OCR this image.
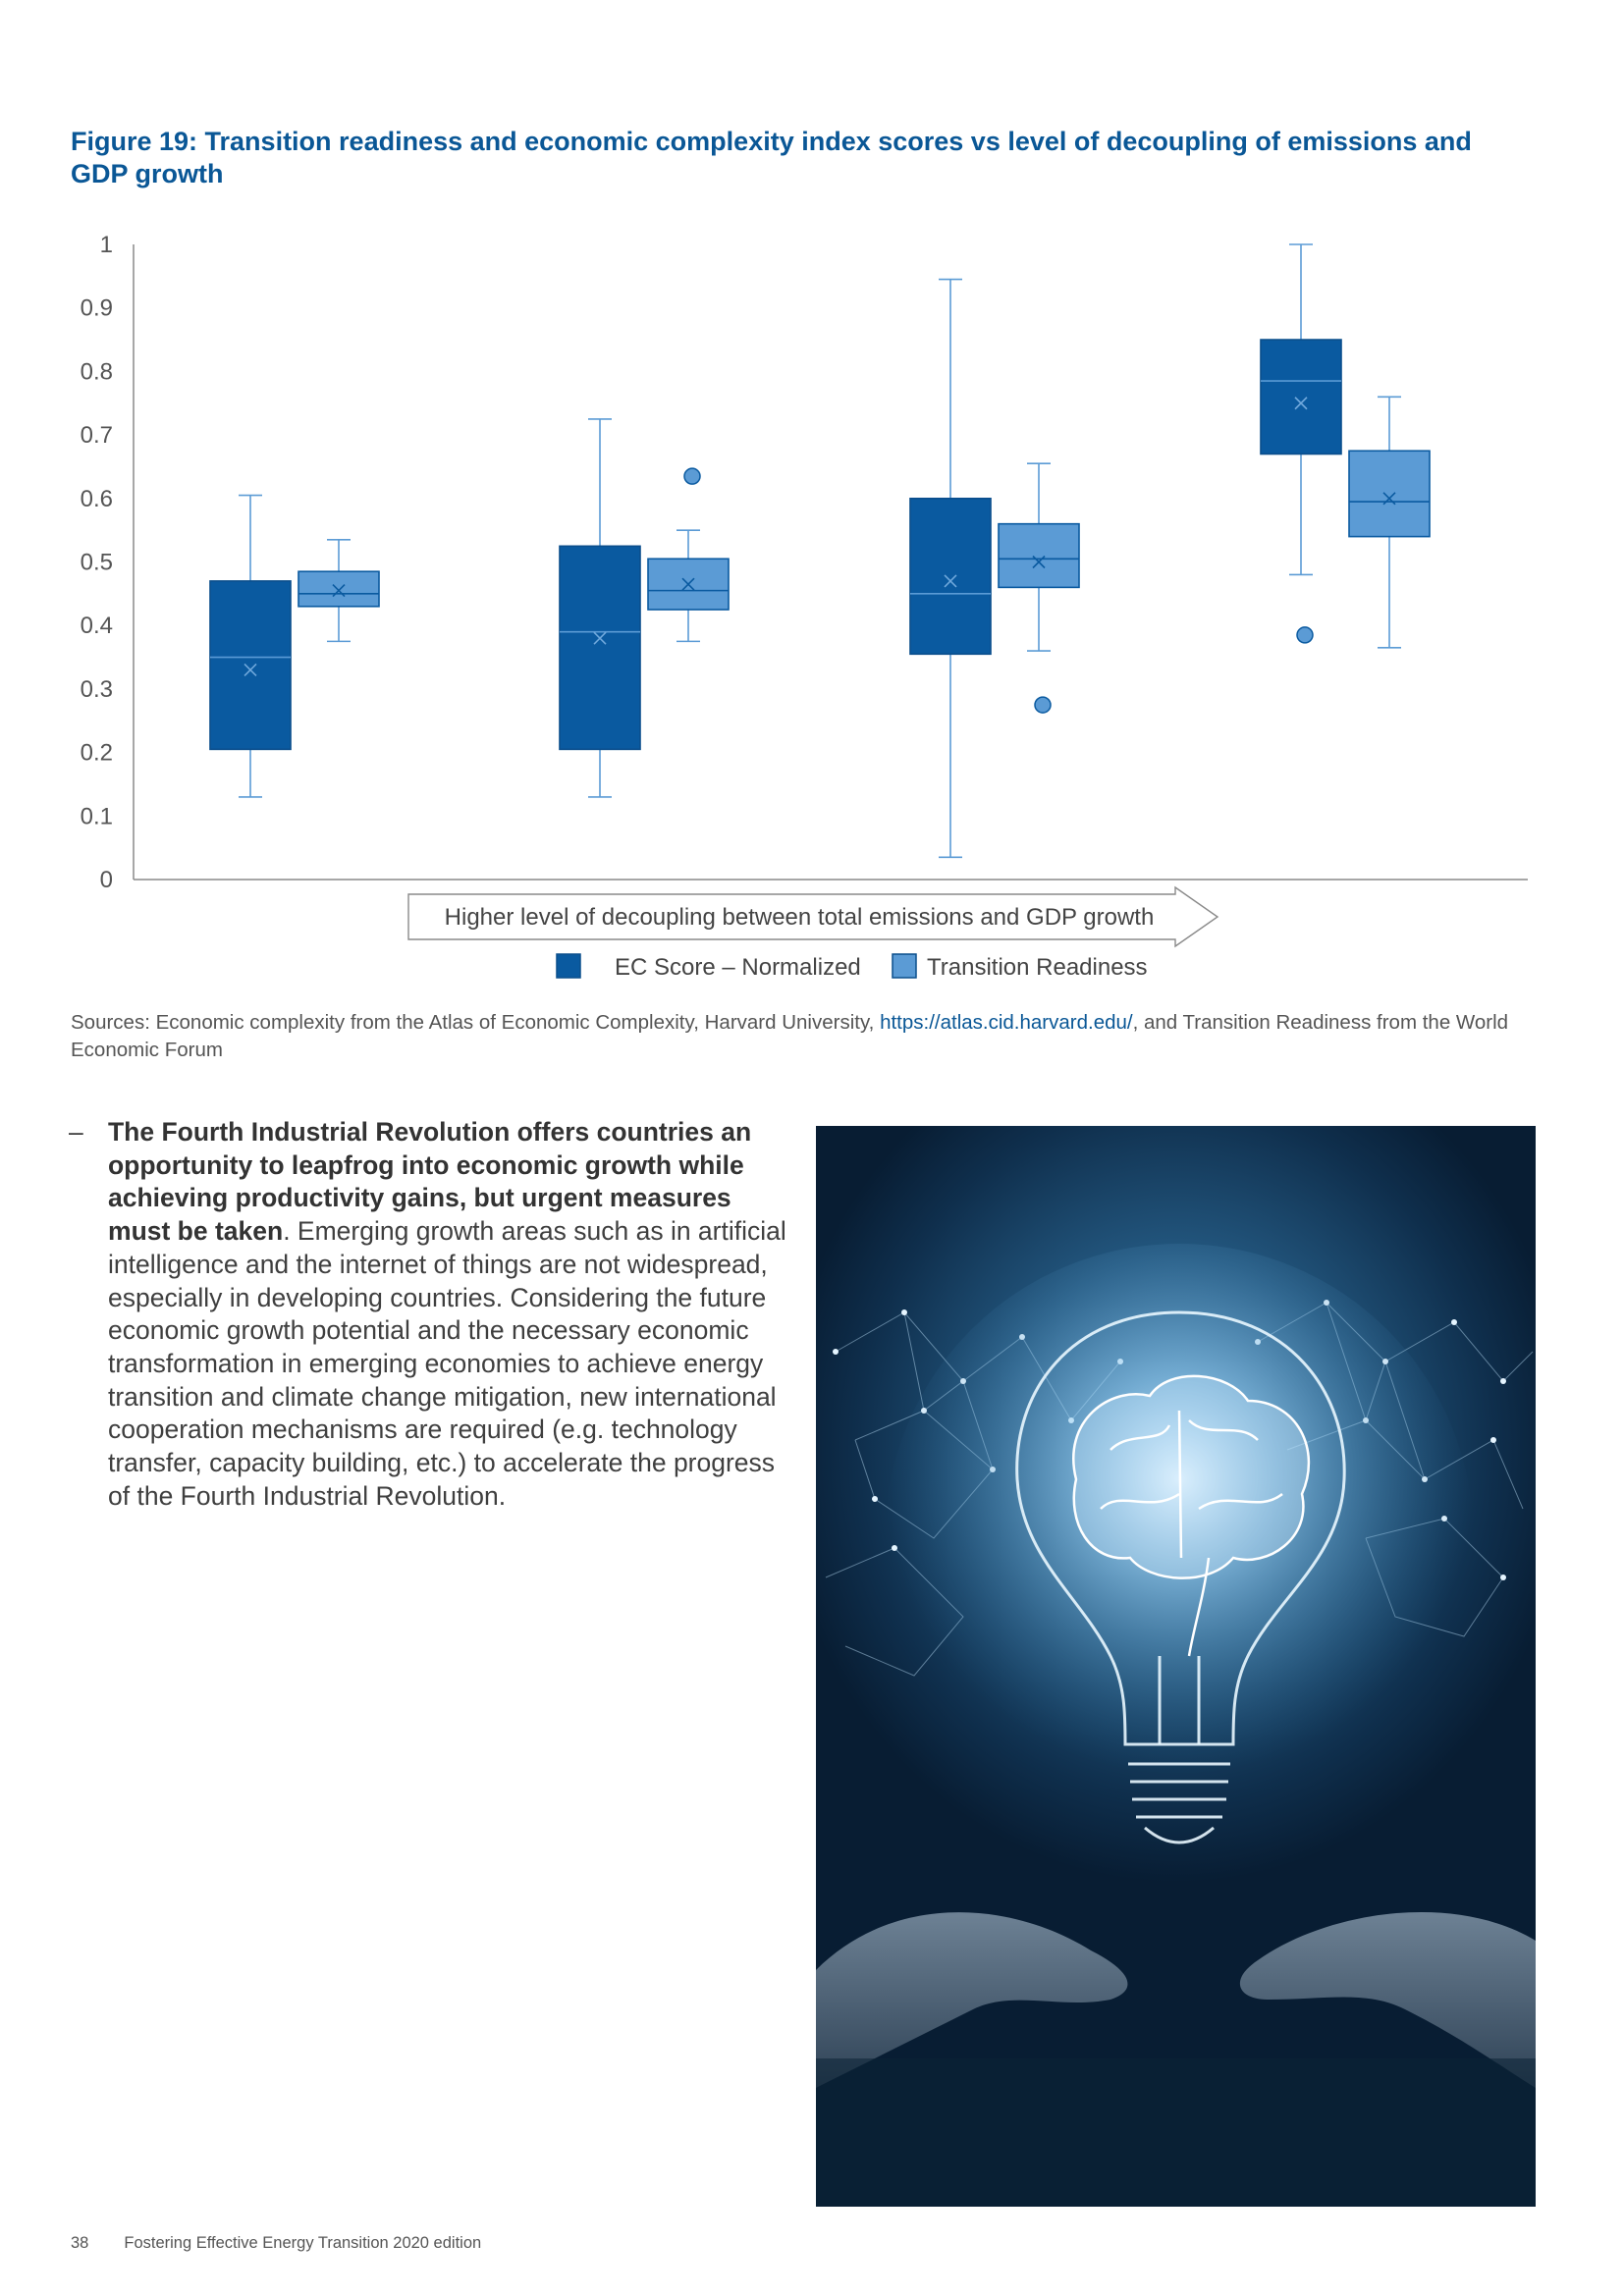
Figure 19: Transition readiness and economic complexity index scores vs level of decoupling of emissions and GDP growth
0
0.1
0.2
0.3
0.4
0.5
0.6
0.7
0.8
0.9
1
Higher level of decoupling between total emissions and GDP growth
EC Score – Normalized	Transition Readiness
Sources: Economic complexity from the Atlas of Economic Complexity, Harvard University, https://atlas.cid.harvard.edu/, and Transition Readiness from the World Economic Forum
– The Fourth Industrial Revolution offers countries an opportunity to leapfrog into economic growth while achieving productivity gains, but urgent measures must be taken. Emerging growth areas such as in artificial intelligence and the internet of things are not widespread, especially in developing countries. Considering the future economic growth potential and the necessary economic transformation in emerging economies to achieve energy transition and climate change mitigation, new international cooperation mechanisms are required (e.g. technology transfer, capacity building, etc.) to accelerate the progress of the Fourth Industrial Revolution.

38 Fostering Effective Energy Transition 2020 edition
